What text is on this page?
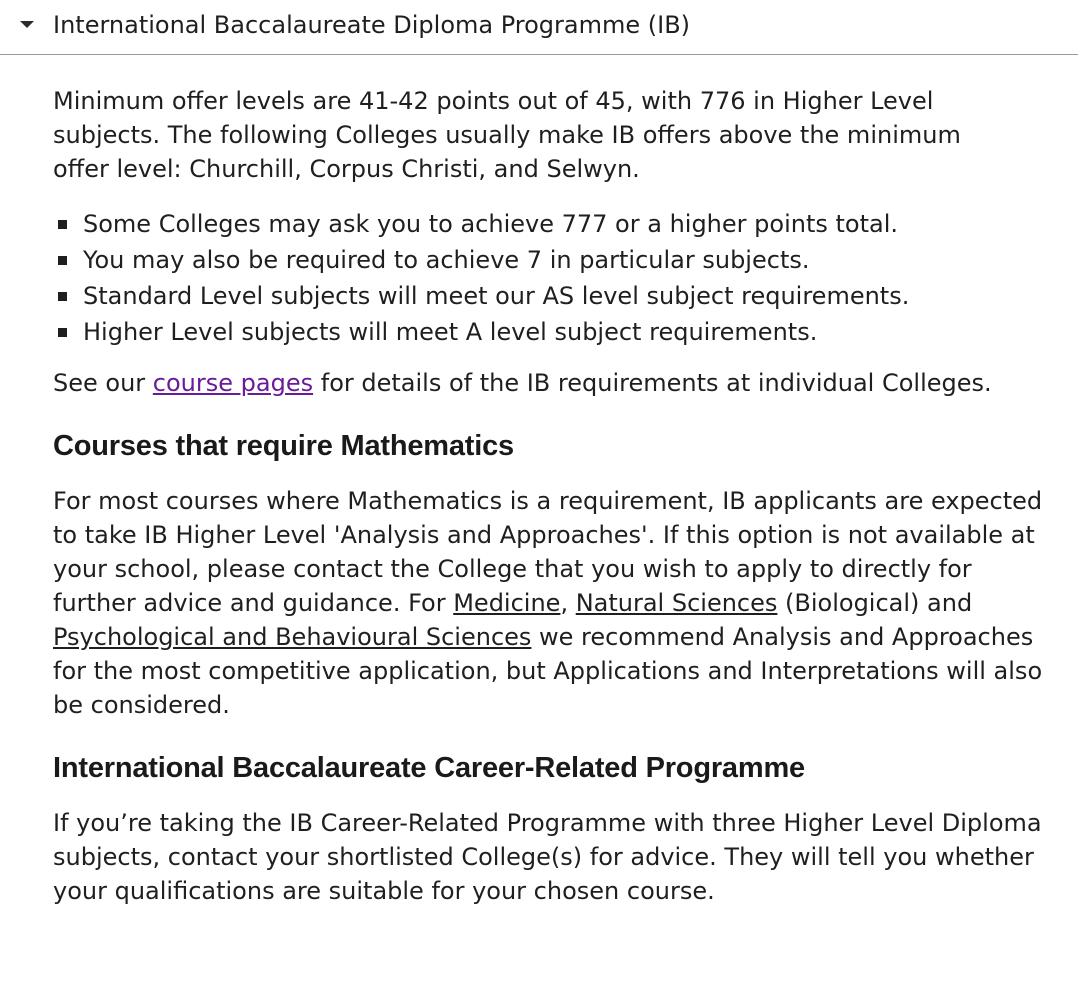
International Baccalaureate Diploma Programme (IB)

Minimum offer levels are 41-42 points out of 45, with 776 in Higher Level subjects. The following Colleges usually make IB offers above the minimum offer level: Churchill, Corpus Christi, and Selwyn.

Some Colleges may ask you to achieve 777 or a higher points total.
You may also be required to achieve 7 in particular subjects.
Standard Level subjects will meet our AS level subject requirements.
Higher Level subjects will meet A level subject requirements.

See our course pages for details of the IB requirements at individual Colleges.

Courses that require Mathematics

For most courses where Mathematics is a requirement, IB applicants are expected to take IB Higher Level 'Analysis and Approaches'. If this option is not available at your school, please contact the College that you wish to apply to directly for further advice and guidance. For Medicine, Natural Sciences (Biological) and Psychological and Behavioural Sciences we recommend Analysis and Approaches for the most competitive application, but Applications and Interpretations will also be considered.

International Baccalaureate Career-Related Programme

If you’re taking the IB Career-Related Programme with three Higher Level Diploma subjects, contact your shortlisted College(s) for advice. They will tell you whether your qualifications are suitable for your chosen course.
